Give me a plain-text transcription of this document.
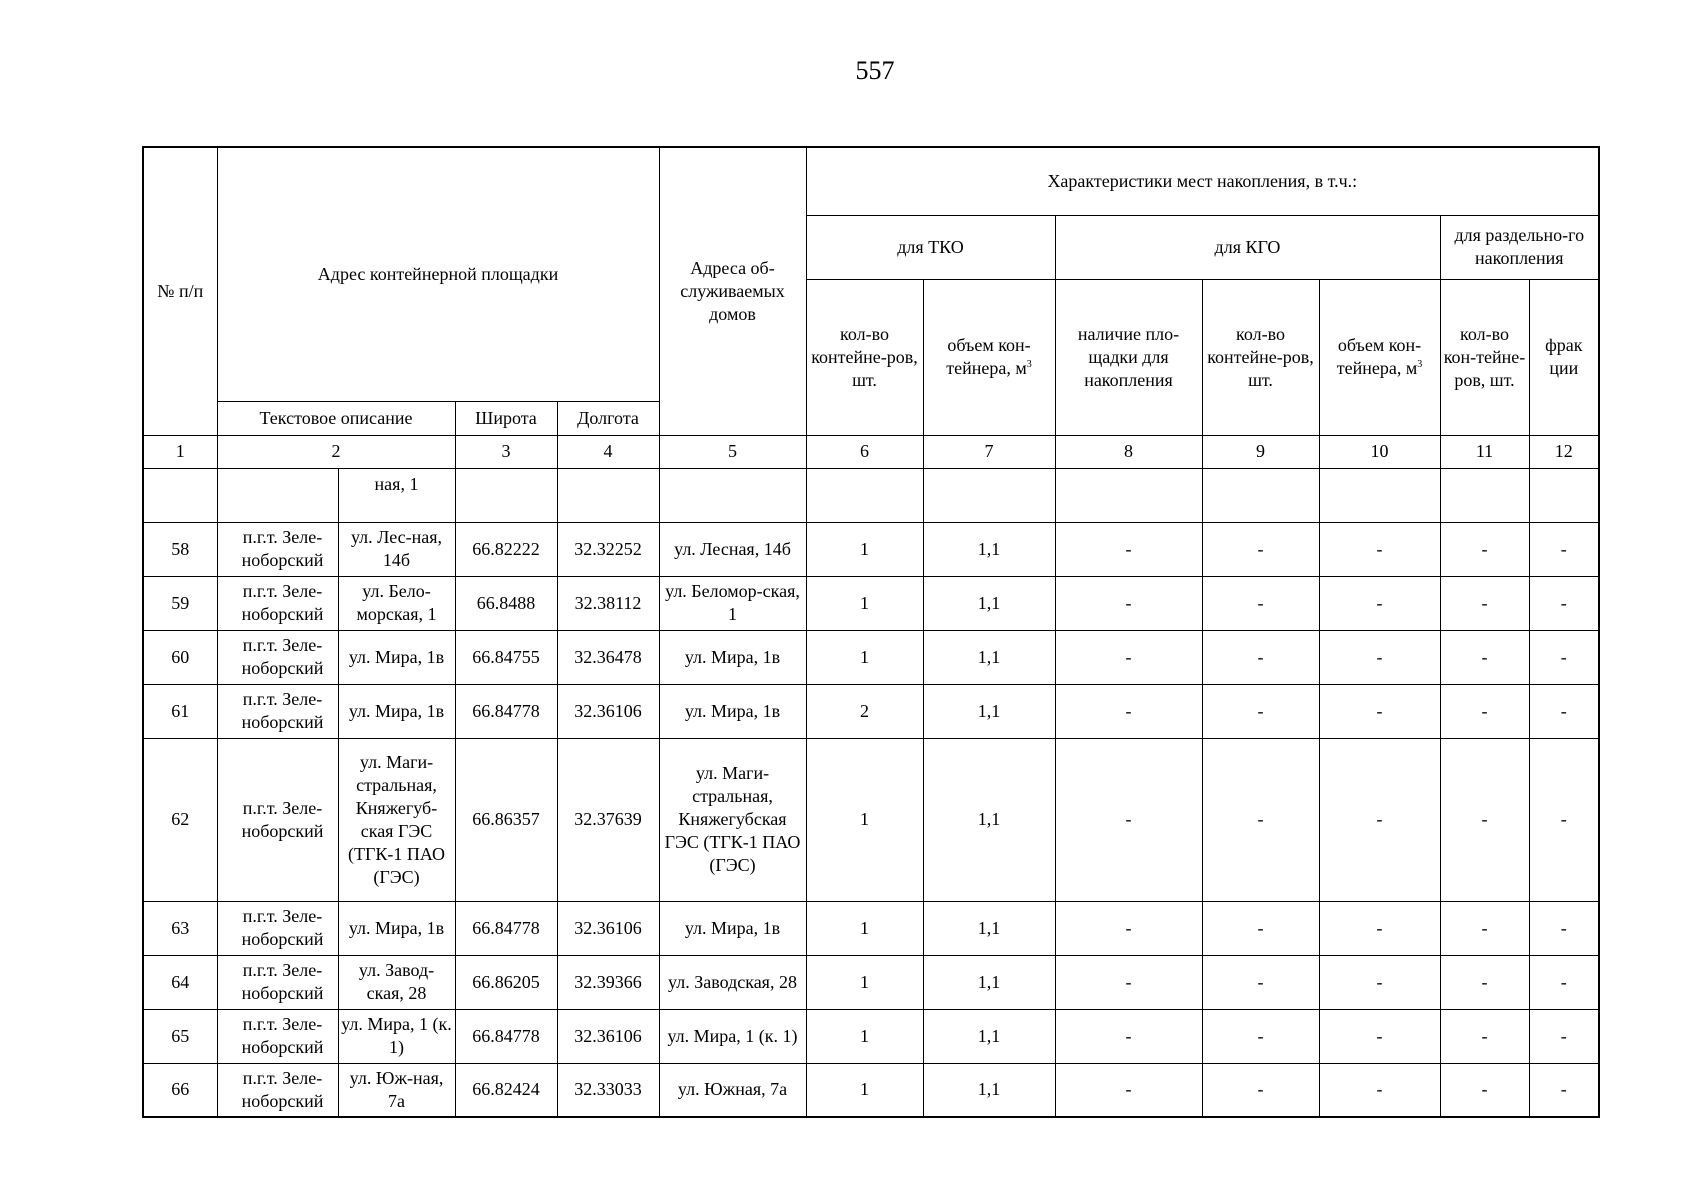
557
№ п/п	Адрес контейнерной площадки				Адреса об-служиваемых домов	Характеристики мест накопления, в т.ч.:						
						для ТКО		для КГО			для раздельно-го накопления	
						кол-во контейне-ров, шт.	объем кон-тейнера, $м^3$	наличие пло-щадки для накопления	кол-во контейне-ров, шт.	объем кон-тейнера, $м^3$	кол-во кон-тейне-ров, шт.	фрак ции
	Текстовое описание		Широта	Долгота								
1	2		3	4	5	6	7	8	9	10	11	12
		ная, 1										
58	п.г.т. Зеле-ноборский	ул. Лес-ная, 14б	66.82222	32.32252	ул. Лесная, 14б	1	1,1	-	-	-	-	-
59	п.г.т. Зеле-ноборский	ул. Бело-морская, 1	66.8488	32.38112	ул. Беломор-ская, 1	1	1,1	-	-	-	-	-
60	п.г.т. Зеле-ноборский	ул. Мира, 1в	66.84755	32.36478	ул. Мира, 1в	1	1,1	-	-	-	-	-
61	п.г.т. Зеле-ноборский	ул. Мира, 1в	66.84778	32.36106	ул. Мира, 1в	2	1,1	-	-	-	-	-
62	п.г.т. Зеле-ноборский	ул. Маги-стральная, Княжегуб-ская ГЭС (ТГК-1 ПАО (ГЭС)	66.86357	32.37639	ул. Маги-стральная, Княжегубская ГЭС (ТГК-1 ПАО (ГЭС)	1	1,1	-	-	-	-	-
63	п.г.т. Зеле-ноборский	ул. Мира, 1в	66.84778	32.36106	ул. Мира, 1в	1	1,1	-	-	-	-	-
64	п.г.т. Зеле-ноборский	ул. Завод-ская, 28	66.86205	32.39366	ул. Заводская, 28	1	1,1	-	-	-	-	-
65	п.г.т. Зеле-ноборский	ул. Мира, 1 (к. 1)	66.84778	32.36106	ул. Мира, 1 (к. 1)	1	1,1	-	-	-	-	-
66	п.г.т. Зеле-ноборский	ул. Юж-ная, 7а	66.82424	32.33033	ул. Южная, 7а	1	1,1	-	-	-	-	-
